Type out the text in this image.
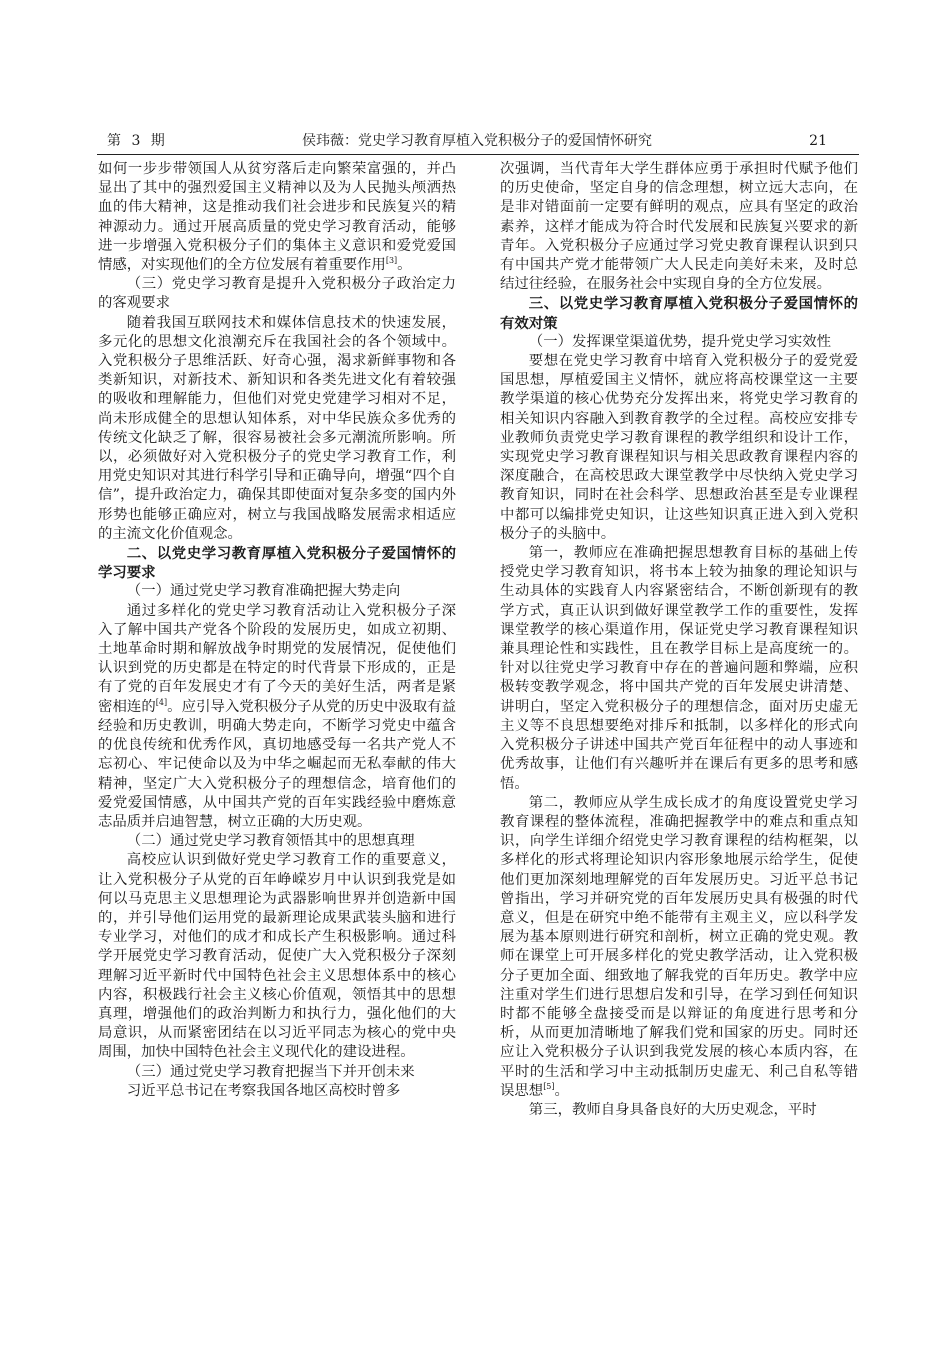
第 3 期	侯玮薇：党史学习教育厚植入党积极分子的爱国情怀研究	21

如何一步步带领国人从贫穷落后走向繁荣富强的，并凸显出了其中的强烈爱国主义精神以及为人民抛头颅洒热血的伟大精神，这是推动我们社会进步和民族复兴的精神源动力。通过开展高质量的党史学习教育活动，能够进一步增强入党积极分子们的集体主义意识和爱党爱国情感，对实现他们的全方位发展有着重要作用[3]。

（三）党史学习教育是提升入党积极分子政治定力的客观要求

随着我国互联网技术和媒体信息技术的快速发展，多元化的思想文化浪潮充斥在我国社会的各个领域中。入党积极分子思维活跃、好奇心强，渴求新鲜事物和各类新知识，对新技术、新知识和各类先进文化有着较强的吸收和理解能力，但他们对党史党建学习相对不足，尚未形成健全的思想认知体系，对中华民族众多优秀的传统文化缺乏了解，很容易被社会多元潮流所影响。所以，必须做好对入党积极分子的党史学习教育工作，利用党史知识对其进行科学引导和正确导向，增强“四个自信”，提升政治定力，确保其即使面对复杂多变的国内外形势也能够正确应对，树立与我国战略发展需求相适应的主流文化价值观念。

二、以党史学习教育厚植入党积极分子爱国情怀的学习要求

（一）通过党史学习教育准确把握大势走向

通过多样化的党史学习教育活动让入党积极分子深入了解中国共产党各个阶段的发展历史，如成立初期、土地革命时期和解放战争时期党的发展情况，促使他们认识到党的历史都是在特定的时代背景下形成的，正是有了党的百年发展史才有了今天的美好生活，两者是紧密相连的[4]。应引导入党积极分子从党的历史中汲取有益经验和历史教训，明确大势走向，不断学习党史中蕴含的优良传统和优秀作风，真切地感受每一名共产党人不忘初心、牢记使命以及为中华之崛起而无私奉献的伟大精神，坚定广大入党积极分子的理想信念，培育他们的爱党爱国情感，从中国共产党的百年实践经验中磨炼意志品质并启迪智慧，树立正确的大历史观。

（二）通过党史学习教育领悟其中的思想真理

高校应认识到做好党史学习教育工作的重要意义，让入党积极分子从党的百年峥嵘岁月中认识到我党是如何以马克思主义思想理论为武器影响世界并创造新中国的，并引导他们运用党的最新理论成果武装头脑和进行专业学习，对他们的成才和成长产生积极影响。通过科学开展党史学习教育活动，促使广大入党积极分子深刻理解习近平新时代中国特色社会主义思想体系中的核心内容，积极践行社会主义核心价值观，领悟其中的思想真理，增强他们的政治判断力和执行力，强化他们的大局意识，从而紧密团结在以习近平同志为核心的党中央周围，加快中国特色社会主义现代化的建设进程。

（三）通过党史学习教育把握当下并开创未来

习近平总书记在考察我国各地区高校时曾多

次强调，当代青年大学生群体应勇于承担时代赋予他们的历史使命，坚定自身的信念理想，树立远大志向，在是非对错面前一定要有鲜明的观点，应具有坚定的政治素养，这样才能成为符合时代发展和民族复兴要求的新青年。入党积极分子应通过学习党史教育课程认识到只有中国共产党才能带领广大人民走向美好未来，及时总结过往经验，在服务社会中实现自身的全方位发展。

三、以党史学习教育厚植入党积极分子爱国情怀的有效对策

（一）发挥课堂渠道优势，提升党史学习实效性

要想在党史学习教育中培育入党积极分子的爱党爱国思想，厚植爱国主义情怀，就应将高校课堂这一主要教学渠道的核心优势充分发挥出来，将党史学习教育的相关知识内容融入到教育教学的全过程。高校应安排专业教师负责党史学习教育课程的教学组织和设计工作，实现党史学习教育课程知识与相关思政教育课程内容的深度融合，在高校思政大课堂教学中尽快纳入党史学习教育知识，同时在社会科学、思想政治甚至是专业课程中都可以编排党史知识，让这些知识真正进入到入党积极分子的头脑中。

第一，教师应在准确把握思想教育目标的基础上传授党史学习教育知识，将书本上较为抽象的理论知识与生动具体的实践育人内容紧密结合，不断创新现有的教学方式，真正认识到做好课堂教学工作的重要性，发挥课堂教学的核心渠道作用，保证党史学习教育课程知识兼具理论性和实践性，且在教学目标上是高度统一的。针对以往党史学习教育中存在的普遍问题和弊端，应积极转变教学观念，将中国共产党的百年发展史讲清楚、讲明白，坚定入党积极分子的理想信念，面对历史虚无主义等不良思想要绝对排斥和抵制，以多样化的形式向入党积极分子讲述中国共产党百年征程中的动人事迹和优秀故事，让他们有兴趣听并在课后有更多的思考和感悟。

第二，教师应从学生成长成才的角度设置党史学习教育课程的整体流程，准确把握教学中的难点和重点知识，向学生详细介绍党史学习教育课程的结构框架，以多样化的形式将理论知识内容形象地展示给学生，促使他们更加深刻地理解党的百年发展历史。习近平总书记曾指出，学习并研究党的百年发展历史具有极强的时代意义，但是在研究中绝不能带有主观主义，应以科学发展为基本原则进行研究和剖析，树立正确的党史观。教师在课堂上可开展多样化的党史教学活动，让入党积极分子更加全面、细致地了解我党的百年历史。教学中应注重对学生们进行思想启发和引导，在学习到任何知识时都不能够全盘接受而是以辩证的角度进行思考和分析，从而更加清晰地了解我们党和国家的历史。同时还应让入党积极分子认识到我党发展的核心本质内容，在平时的生活和学习中主动抵制历史虚无、利己自私等错误思想[5]。

第三，教师自身具备良好的大历史观念，平时
